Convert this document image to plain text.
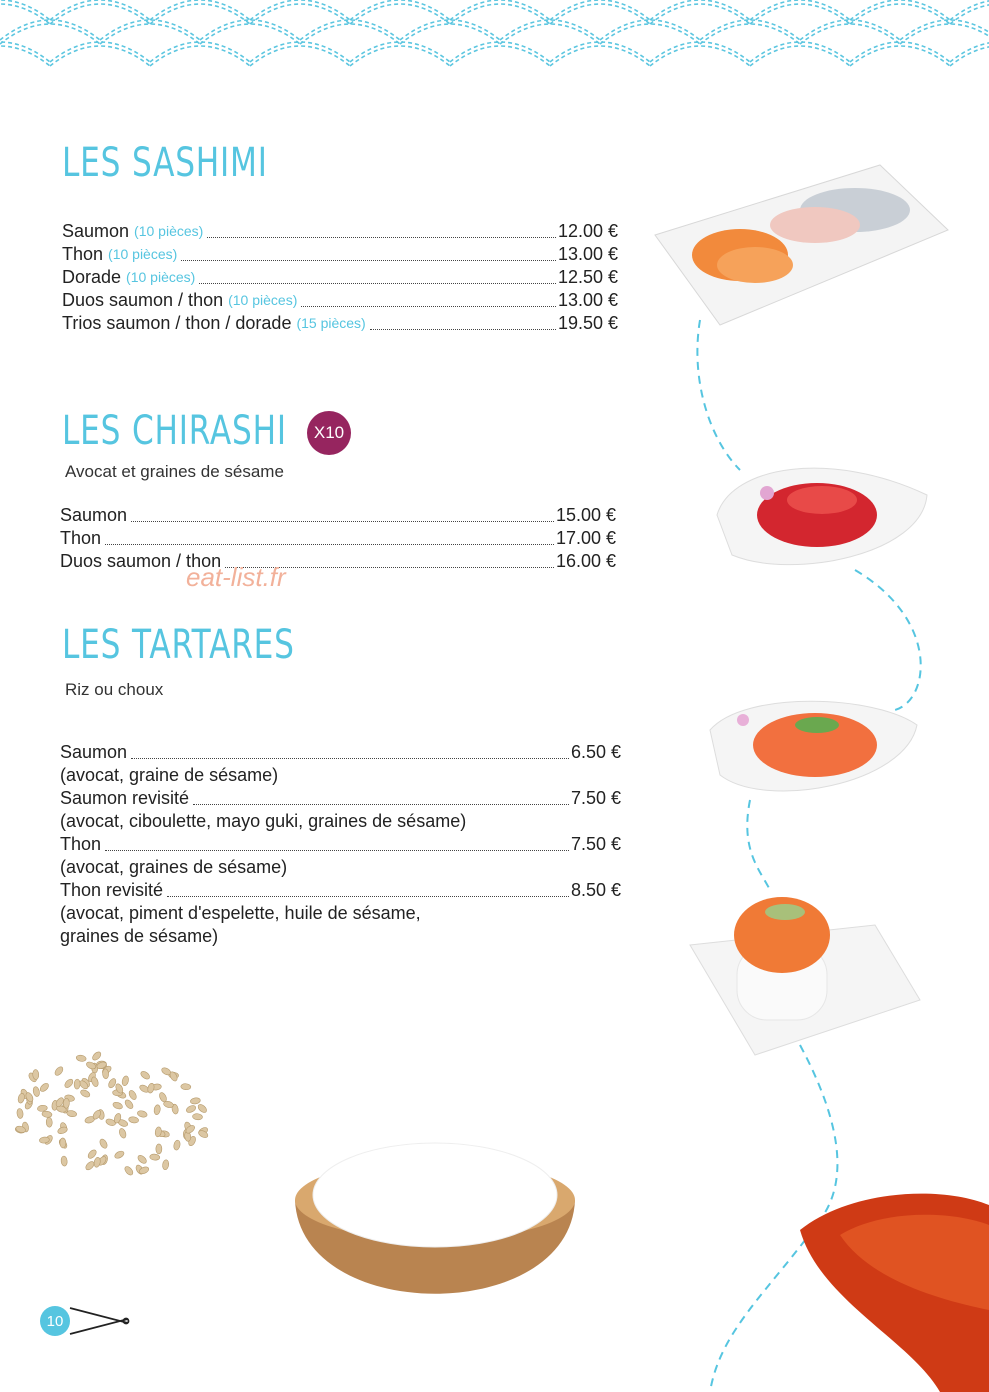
LES SASHIMI
Saumon (10 pièces)	12.00 €
Thon (10 pièces)	13.00 €
Dorade (10 pièces)	12.50 €
Duos saumon / thon (10 pièces)	13.00 €
Trios saumon / thon / dorade (15 pièces)	19.50 €
LES CHIRASHI	X10
Avocat et graines de sésame
Saumon	15.00 €
Thon	17.00 €
Duos saumon / thon	16.00 €
eat-list.fr
LES TARTARES
Riz ou choux
Saumon	6.50 €
(avocat, graine de sésame)
Saumon revisité	7.50 €
(avocat, ciboulette, mayo guki, graines de sésame)
Thon	7.50 €
(avocat, graines de sésame)
Thon revisité	8.50 €
(avocat, piment d'espelette, huile de sésame,
graines de sésame)
10
